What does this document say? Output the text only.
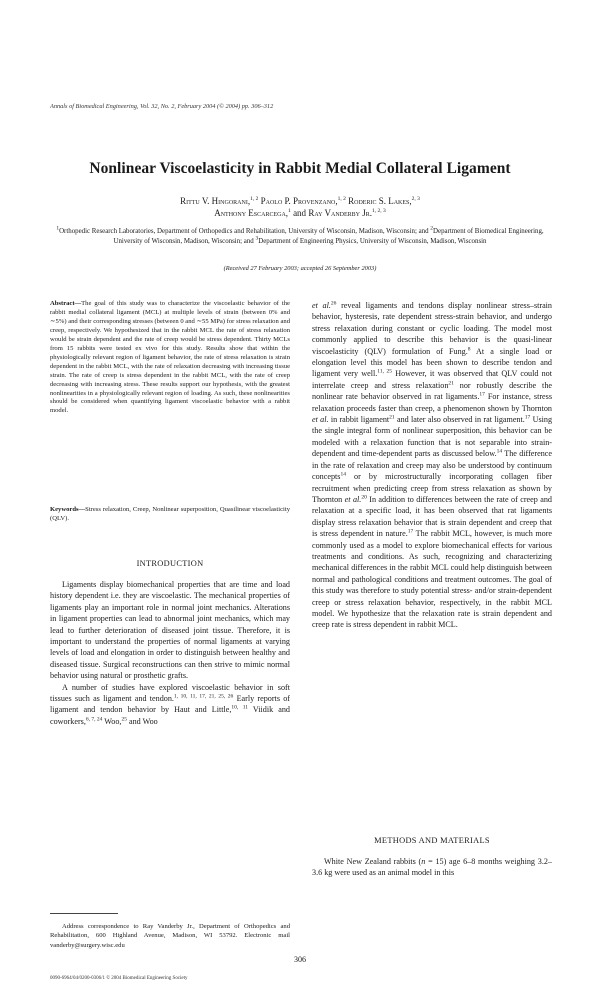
Annals of Biomedical Engineering, Vol. 32, No. 2, February 2004 (© 2004) pp. 306–312
Nonlinear Viscoelasticity in Rabbit Medial Collateral Ligament
Rittu V. Hingorani,$^{1, 2}$ Paolo P. Provenzano,$^{1, 2}$ Roderic S. Lakes,$^{2, 3}$
Anthony Escarcega,$^1$ and Ray Vanderby Jr.$^{1, 2, 3}$
$^1$Orthopedic Research Laboratories, Department of Orthopedics and Rehabilitation, University of Wisconsin, Madison, Wisconsin; and $^2$Department of Biomedical Engineering, University of Wisconsin, Madison, Wisconsin; and $^3$Department of Engineering Physics, University of Wisconsin, Madison, Wisconsin
(Received 27 February 2003; accepted 26 September 2003)
Abstract—The goal of this study was to characterize the viscoelastic behavior of the rabbit medial collateral ligament (MCL) at multiple levels of strain (between 0% and ∼5%) and their corresponding stresses (between 0 and ∼55 MPa) for stress relaxation and creep, respectively. We hypothesized that in the rabbit MCL the rate of stress relaxation would be strain dependent and the rate of creep would be stress dependent. Thirty MCLs from 15 rabbits were tested ex vivo for this study. Results show that within the physiologically relevant region of ligament behavior, the rate of stress relaxation is strain dependent in the rabbit MCL, with the rate of relaxation decreasing with increasing tissue strain. The rate of creep is stress dependent in the rabbit MCL, with the rate of creep decreasing with increasing stress. These results support our hypothesis, with the greatest nonlinearities in a physiologically relevant region of loading. As such, these nonlinearities should be considered when quantifying ligament viscoelastic behavior with a rabbit model.
Keywords—Stress relaxation, Creep, Nonlinear superposition, Quasilinear viscoelasticity (QLV).
INTRODUCTION
Ligaments display biomechanical properties that are time and load history dependent i.e. they are viscoelastic. The mechanical properties of ligaments play an important role in normal joint mechanics. Alterations in ligament properties can lead to abnormal joint mechanics, which may lead to further deterioration of diseased joint tissue. Therefore, it is important to understand the properties of normal ligaments at varying levels of load and elongation in order to distinguish between healthy and diseased tissue. Surgical reconstructions can then strive to mimic normal behavior using natural or prosthetic grafts.
A number of studies have explored viscoelastic behavior in soft tissues such as ligament and tendon.$^{1, 10, 11, 17, 21, 25, 26}$ Early reports of ligament and tendon behavior by Haut and Little,$^{10, 11}$ Viidik and coworkers,$^{6, 7, 24}$ Woo,$^{25}$ and Woo
et al.$^{26}$ reveal ligaments and tendons display nonlinear stress–strain behavior, hysteresis, rate dependent stress-strain behavior, and undergo stress relaxation during constant or cyclic loading. The model most commonly applied to describe this behavior is the quasi-linear viscoelasticity (QLV) formulation of Fung.$^8$ At a single load or elongation level this model has been shown to describe tendon and ligament very well.$^{11, 25}$ However, it was observed that QLV could not interrelate creep and stress relaxation$^{21}$ nor robustly describe the nonlinear rate behavior observed in rat ligaments.$^{17}$ For instance, stress relaxation proceeds faster than creep, a phenomenon shown by Thornton et al. in rabbit ligament$^{21}$ and later also observed in rat ligament.$^{17}$ Using the single integral form of nonlinear superposition, this behavior can be modeled with a relaxation function that is not separable into strain-dependent and time-dependent parts as discussed below.$^{14}$ The difference in the rate of relaxation and creep may also be understood by continuum concepts$^{14}$ or by microstructurally incorporating collagen fiber recruitment when predicting creep from stress relaxation as shown by Thornton et al.$^{20}$ In addition to differences between the rate of creep and relaxation at a specific load, it has been observed that rat ligaments display stress relaxation behavior that is strain dependent and creep that is stress dependent in nature.$^{17}$ The rabbit MCL, however, is much more commonly used as a model to explore biomechanical effects for various treatments and conditions. As such, recognizing and characterizing mechanical differences in the rabbit MCL could help distinguish between normal and pathological conditions and treatment outcomes. The goal of this study was therefore to study potential stress- and/or strain-dependent creep or stress relaxation behavior, respectively, in the rabbit MCL model. We hypothesize that the relaxation rate is strain dependent and creep rate is stress dependent in rabbit MCL.
METHODS AND MATERIALS
White New Zealand rabbits (n = 15) age 6–8 months weighing 3.2–3.6 kg were used as an animal model in this
Address correspondence to Ray Vanderby Jr., Department of Orthopedics and Rehabilitation, 600 Highland Avenue, Madison, WI 53792. Electronic mail vanderby@surgery.wisc.edu
306
0090-6964/04/0200-0306/1 © 2004 Biomedical Engineering Society
